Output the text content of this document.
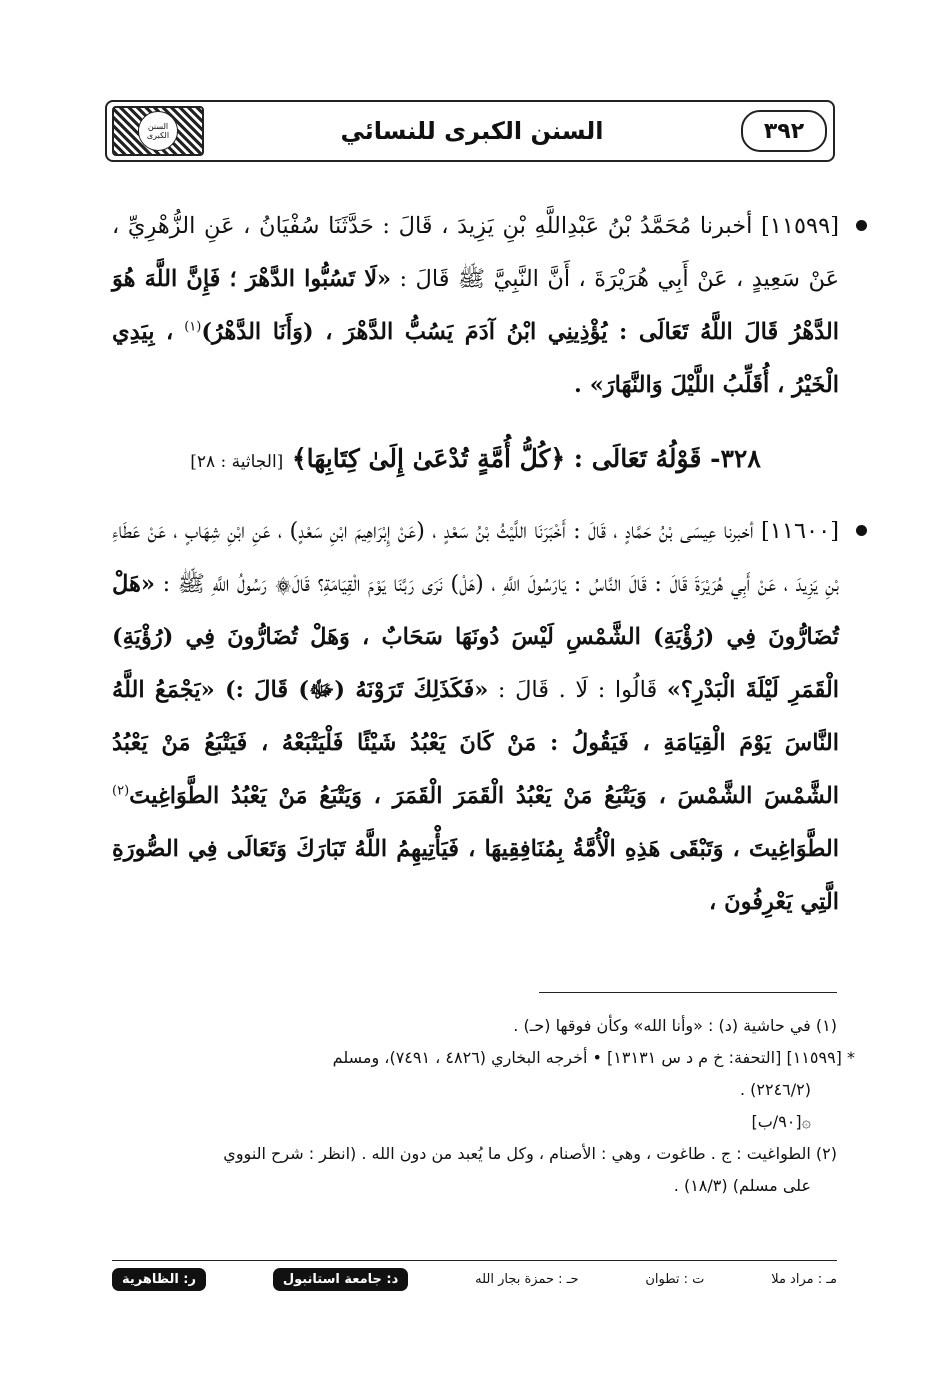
السنن الكبرى	السنن الكبرى للنسائي	٣٩٢

[١١٥٩٩] أخبرنا مُحَمَّدُ بْنُ عَبْدِاللَّهِ بْنِ يَزِيدَ ، قَالَ : حَدَّثَنَا سُفْيَانُ ، عَنِ الزُّهْرِيِّ ، عَنْ سَعِيدٍ ، عَنْ أَبِي هُرَيْرَةَ ، أَنَّ النَّبِيَّ ﷺ قَالَ : «لَا تَسُبُّوا الدَّهْرَ ؛ فَإِنَّ اللَّهَ هُوَ الدَّهْرُ قَالَ اللَّهُ تَعَالَى : يُؤْذِينِي ابْنُ آدَمَ يَسُبُّ الدَّهْرَ ، (وَأَنَا الدَّهْرُ)$^{(١)}$ ، بِيَدِي الْخَيْرُ ، أُقَلِّبُ اللَّيْلَ وَالنَّهَارَ» .

٣٢٨- قَوْلُهُ تَعَالَى : ﴿كُلُّ أُمَّةٍ تُدْعَىٰ إِلَىٰ كِتَابِهَا﴾ [الجاثية : ٢٨]

[١١٦٠٠] أخبرنا عِيسَى بْنُ حَمَّادٍ ، قَالَ : أَخْبَرَنَا اللَّيْثُ بْنُ سَعْدٍ ، (عَنْ إِبْرَاهِيمَ ابْنِ سَعْدٍ) ، عَنِ ابْنِ شِهَابٍ ، عَنْ عَطَاءِ بْنِ يَزِيدَ ، عَنْ أَبِي هُرَيْرَةَ قَالَ : قَالَ النَّاسُ : يَارَسُولَ اللَّهِ ، (هَلْ) نَرَى رَبَّنَا يَوْمَ الْقِيَامَةِ؟ قَالَ۞ رَسُولُ اللَّهِ ﷺ : «هَلْ تُضَارُّونَ فِي (رُؤْيَةِ) الشَّمْسِ لَيْسَ دُونَهَا سَحَابٌ ، وَهَلْ تُضَارُّونَ فِي (رُؤْيَةِ) الْقَمَرِ لَيْلَةَ الْبَدْرِ؟» قَالُوا : لَا . قَالَ : «فَكَذَلِكَ تَرَوْنَهُ (ﷻ) قَالَ :) «يَجْمَعُ اللَّهُ النَّاسَ يَوْمَ الْقِيَامَةِ ، فَيَقُولُ : مَنْ كَانَ يَعْبُدُ شَيْئًا فَلْيَتْبَعْهُ ، فَيَتْبَعُ مَنْ يَعْبُدُ الشَّمْسَ الشَّمْسَ ، وَيَتْبَعُ مَنْ يَعْبُدُ الْقَمَرَ الْقَمَرَ ، وَيَتْبَعُ مَنْ يَعْبُدُ الطَّوَاغِيتَ$^{(٢)}$ الطَّوَاغِيتَ ، وَتَبْقَى هَذِهِ الْأُمَّةُ بِمُنَافِقِيهَا ، فَيَأْتِيهِمُ اللَّهُ تَبَارَكَ وَتَعَالَى فِي الصُّورَةِ الَّتِي يَعْرِفُونَ ،

(١) في حاشية (د) : «وأنا الله» وكأن فوقها (حـ) .

* [١١٥٩٩] [التحفة: خ م د س ١٣١٣١] • أخرجه البخاري (٤٨٢٦ ، ٧٤٩١)، ومسلم

(٢٢٤٦/٢) .

۞[٩٠/ب]

(٢) الطواغيت : ج . طاغوت ، وهي : الأصنام ، وكل ما يُعبد من دون الله . (انظر : شرح النووي

على مسلم) (١٨/٣) .

مـ : مراد ملا
ت : تطوان
حـ : حمزة بجار الله
د: جامعة استانبول
ر: الظاهرية
